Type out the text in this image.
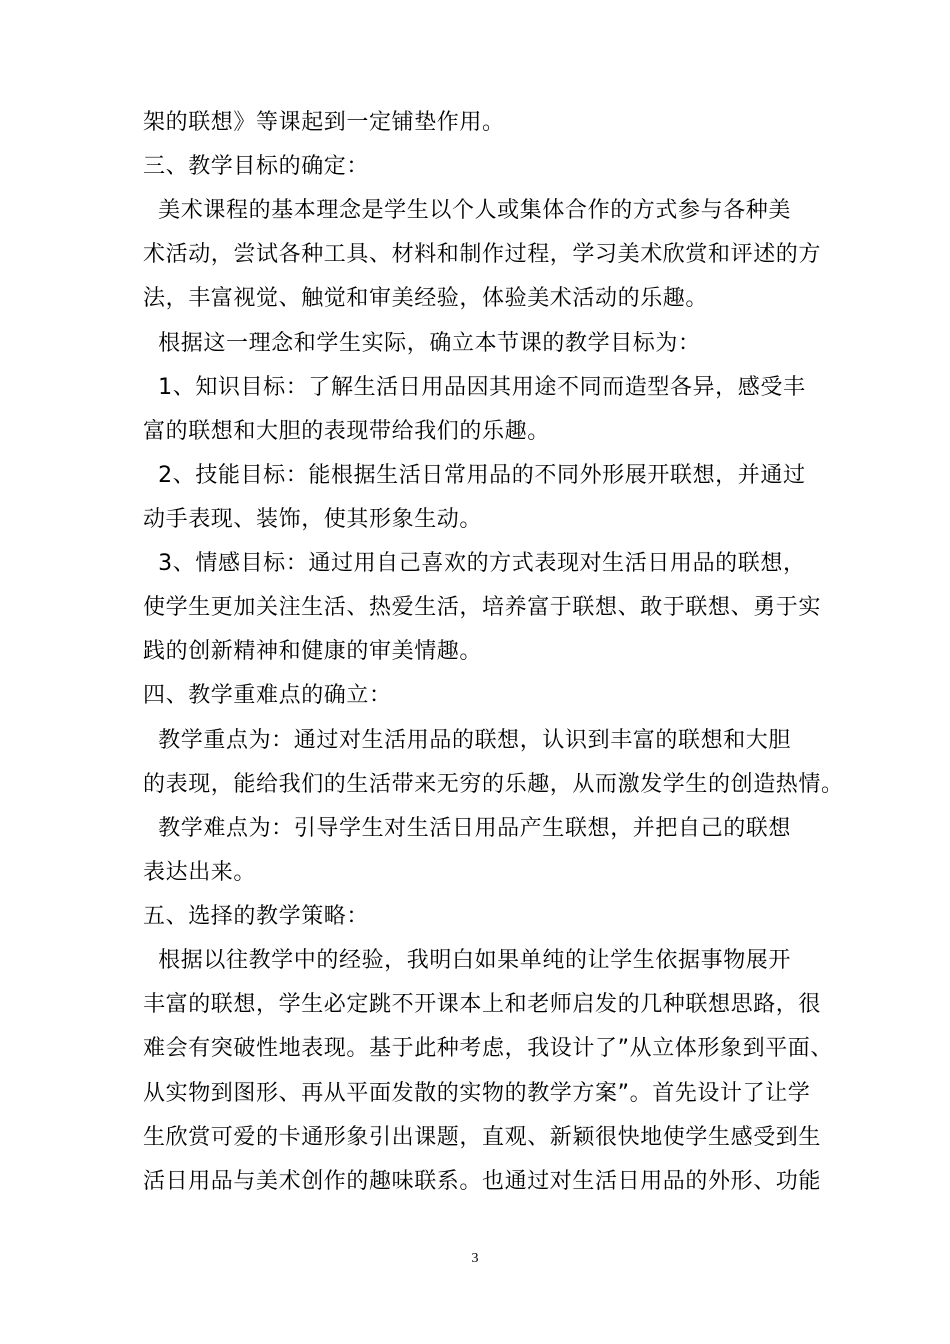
架的联想》等课起到一定铺垫作用。
三、教学目标的确定：
美术课程的基本理念是学生以个人或集体合作的方式参与各种美
术活动，尝试各种工具、材料和制作过程，学习美术欣赏和评述的方
法，丰富视觉、触觉和审美经验，体验美术活动的乐趣。
根据这一理念和学生实际，确立本节课的教学目标为：
1、知识目标：了解生活日用品因其用途不同而造型各异，感受丰
富的联想和大胆的表现带给我们的乐趣。
2、技能目标：能根据生活日常用品的不同外形展开联想，并通过
动手表现、装饰，使其形象生动。
3、情感目标：通过用自己喜欢的方式表现对生活日用品的联想，
使学生更加关注生活、热爱生活，培养富于联想、敢于联想、勇于实
践的创新精神和健康的审美情趣。
四、教学重难点的确立：
教学重点为：通过对生活用品的联想，认识到丰富的联想和大胆
的表现，能给我们的生活带来无穷的乐趣，从而激发学生的创造热情。
教学难点为：引导学生对生活日用品产生联想，并把自己的联想
表达出来。
五、选择的教学策略：
根据以往教学中的经验，我明白如果单纯的让学生依据事物展开
丰富的联想，学生必定跳不开课本上和老师启发的几种联想思路，很
难会有突破性地表现。基于此种考虑，我设计了”从立体形象到平面、
从实物到图形、再从平面发散的实物的教学方案”。首先设计了让学
生欣赏可爱的卡通形象引出课题，直观、新颖很快地使学生感受到生
活日用品与美术创作的趣味联系。也通过对生活日用品的外形、功能
3
